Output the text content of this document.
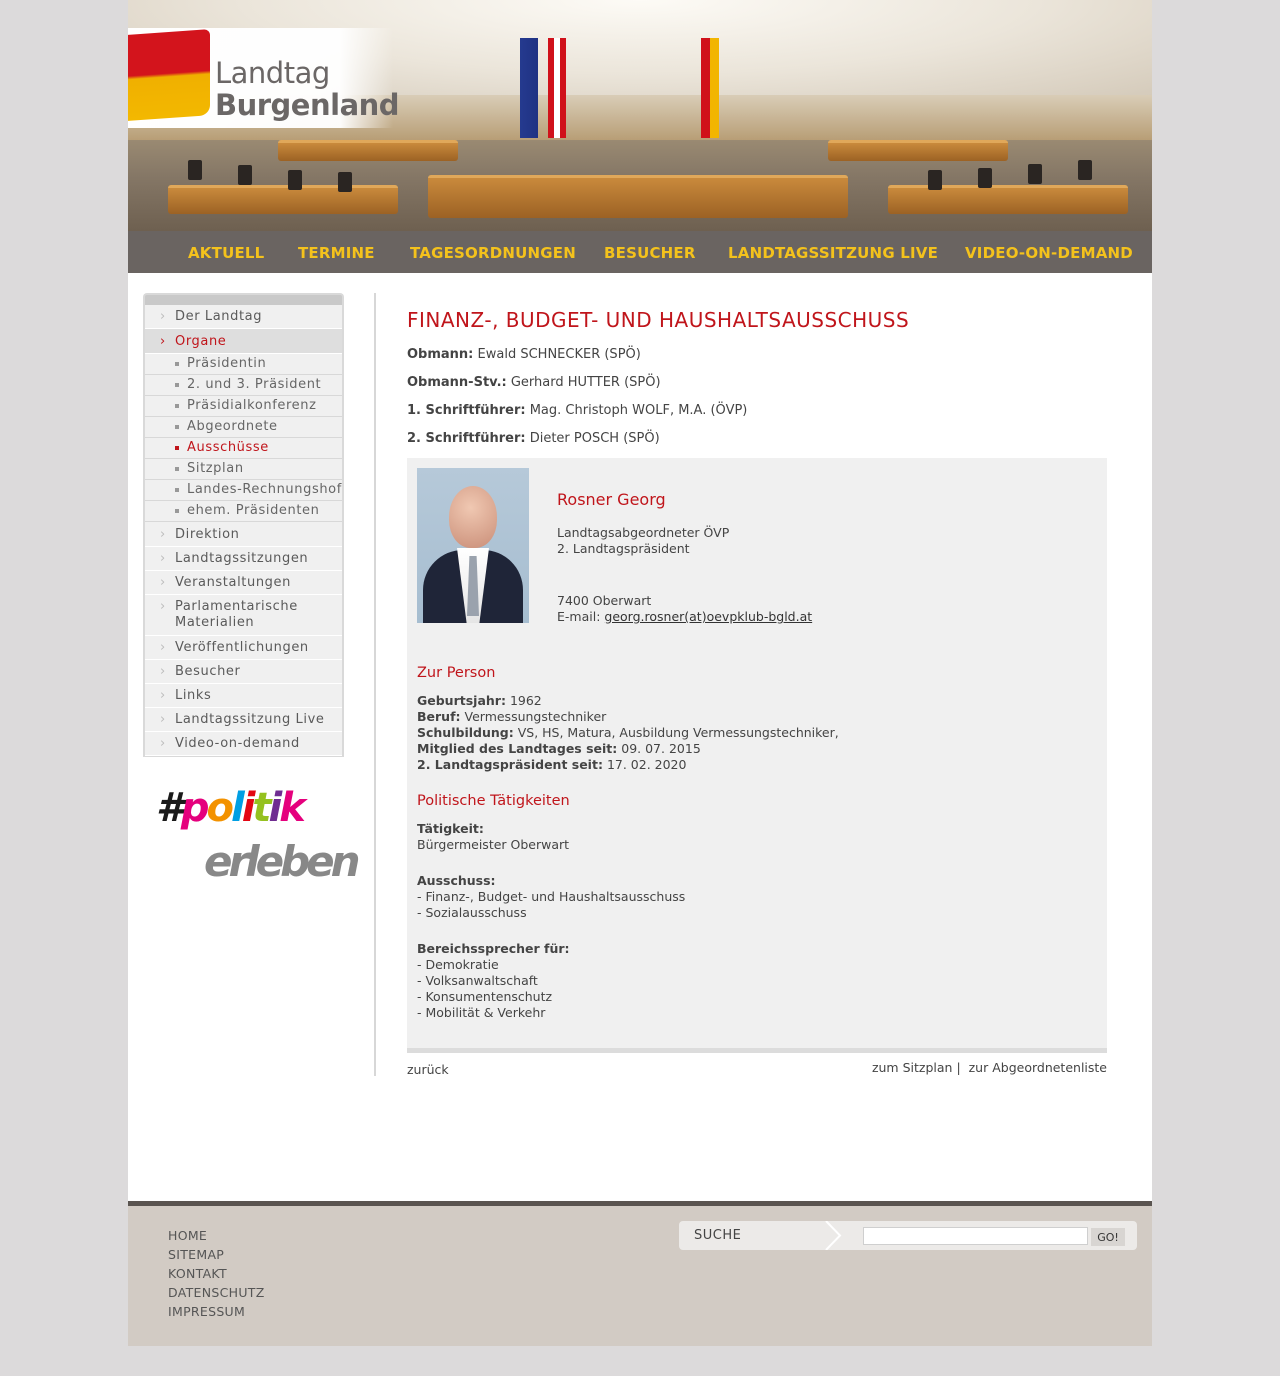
Landtag
Burgenland
AKTUELL TERMINE TAGESORDNUNGEN BESUCHER LANDTAGSSITZUNG LIVE VIDEO-ON-DEMAND
› Der Landtag
› Organe
Präsidentin
2. und 3. Präsident
Präsidialkonferenz
Abgeordnete
Ausschüsse
Sitzplan
Landes-Rechnungshof
ehem. Präsidenten
› Direktion
› Landtagssitzungen
› Veranstaltungen
› Parlamentarische Materialien
› Veröffentlichungen
› Besucher
› Links
› Landtagssitzung Live
› Video-on-demand
#politik
erleben
FINANZ-, BUDGET- UND HAUSHALTSAUSSCHUSS
Obmann: Ewald SCHNECKER (SPÖ)
Obmann-Stv.: Gerhard HUTTER (SPÖ)
1. Schriftführer: Mag. Christoph WOLF, M.A. (ÖVP)
2. Schriftführer: Dieter POSCH (SPÖ)
Rosner Georg
Landtagsabgeordneter ÖVP
2. Landtagspräsident
7400 Oberwart
E-mail: georg.rosner(at)oevpklub-bgld.at
Zur Person
Geburtsjahr: 1962
Beruf: Vermessungstechniker
Schulbildung: VS, HS, Matura, Ausbildung Vermessungstechniker,
Mitglied des Landtages seit: 09. 07. 2015
2. Landtagspräsident seit: 17. 02. 2020
Politische Tätigkeiten
Tätigkeit:
Bürgermeister Oberwart
Ausschuss:
- Finanz-, Budget- und Haushaltsausschuss
- Sozialausschuss
Bereichssprecher für:
- Demokratie
- Volksanwaltschaft
- Konsumentenschutz
- Mobilität & Verkehr
zurück	zum Sitzplan | zur Abgeordnetenliste
HOME
SITEMAP
KONTAKT
DATENSCHUTZ
IMPRESSUM
SUCHE	GO!
